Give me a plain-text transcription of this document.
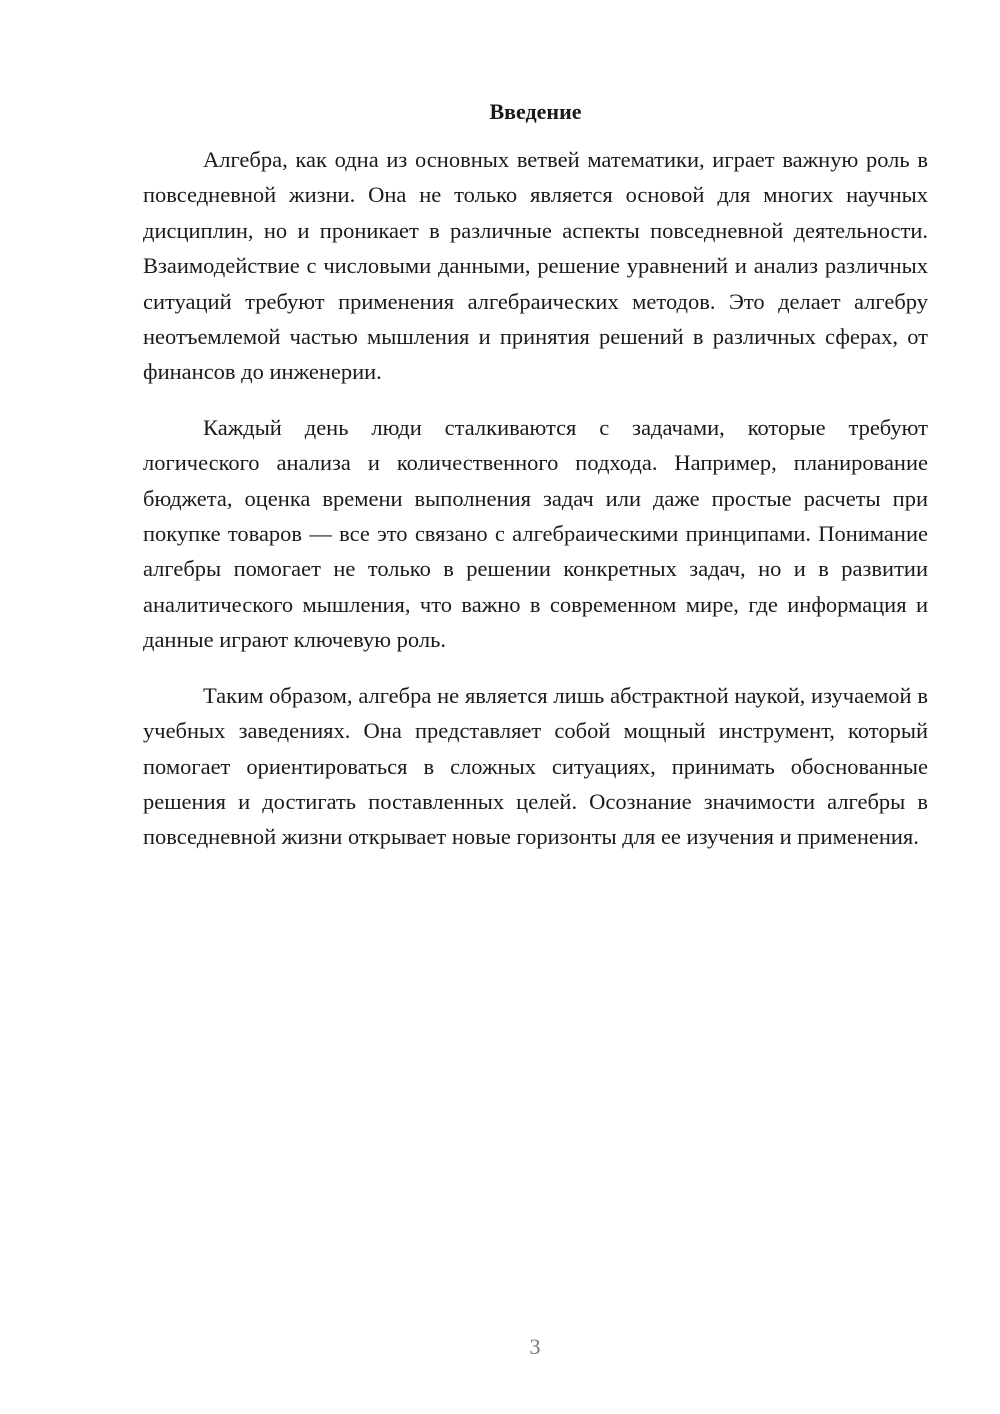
Введение

Алгебра, как одна из основных ветвей математики, играет важную роль в повседневной жизни. Она не только является основой для многих научных дисциплин, но и проникает в различные аспекты повседневной деятельности. Взаимодействие с числовыми данными, решение уравнений и анализ различных ситуаций требуют применения алгебраических методов. Это делает алгебру неотъемлемой частью мышления и принятия решений в различных сферах, от финансов до инженерии.

Каждый день люди сталкиваются с задачами, которые требуют логического анализа и количественного подхода. Например, планирование бюджета, оценка времени выполнения задач или даже простые расчеты при покупке товаров — все это связано с алгебраическими принципами. Понимание алгебры помогает не только в решении конкретных задач, но и в развитии аналитического мышления, что важно в современном мире, где информация и данные играют ключевую роль.

Таким образом, алгебра не является лишь абстрактной наукой, изучаемой в учебных заведениях. Она представляет собой мощный инструмент, который помогает ориентироваться в сложных ситуациях, принимать обоснованные решения и достигать поставленных целей. Осознание значимости алгебры в повседневной жизни открывает новые горизонты для ее изучения и применения.

3
